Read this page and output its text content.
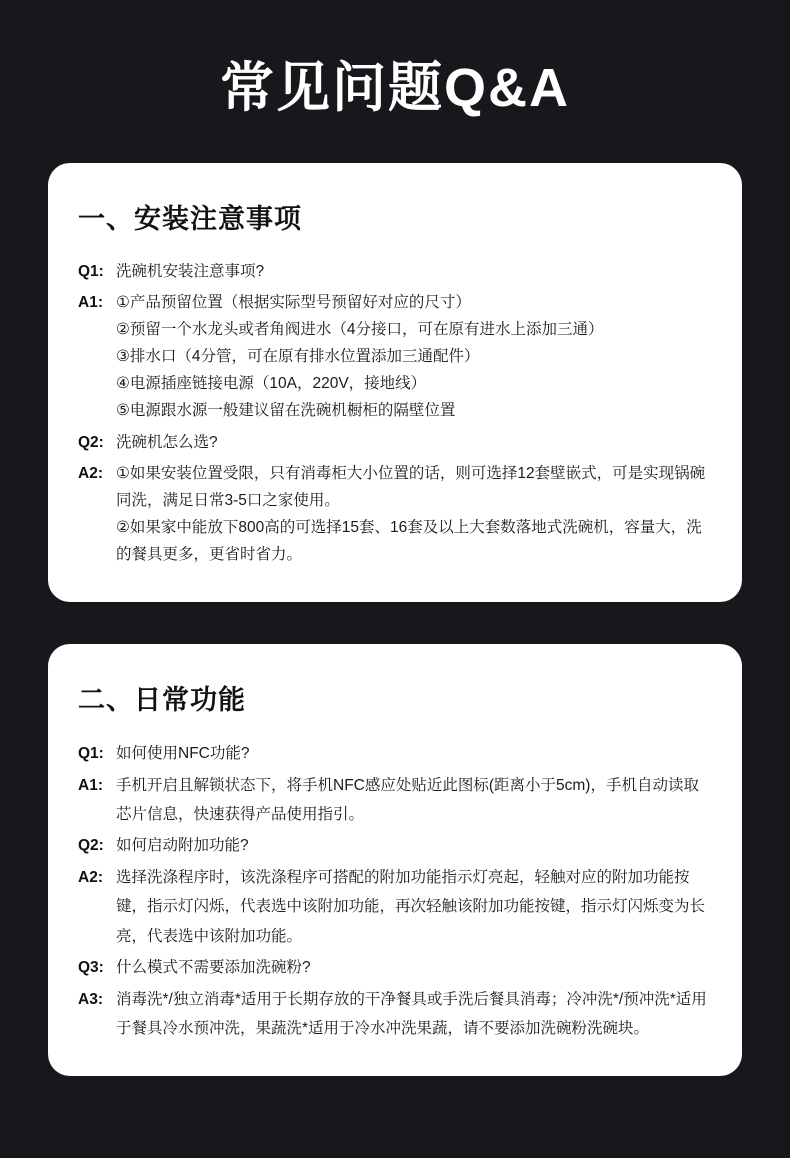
常见问题Q&A
一、安装注意事项
Q1: 洗碗机安装注意事项?
A1: ①产品预留位置（根据实际型号预留好对应的尺寸）
②预留一个水龙头或者角阀进水（4分接口，可在原有进水上添加三通）
③排水口（4分管，可在原有排水位置添加三通配件）
④电源插座链接电源（10A，220V，接地线）
⑤电源跟水源一般建议留在洗碗机橱柜的隔壁位置
Q2: 洗碗机怎么选?
A2: ①如果安装位置受限，只有消毒柜大小位置的话，则可选择12套壁嵌式，可是实现锅碗同洗，满足日常3-5口之家使用。
②如果家中能放下800高的可选择15套、16套及以上大套数落地式洗碗机，容量大，洗的餐具更多，更省时省力。
二、日常功能
Q1: 如何使用NFC功能?
A1: 手机开启且解锁状态下，将手机NFC感应处贴近此图标(距离小于5cm)，手机自动读取芯片信息，快速获得产品使用指引。
Q2: 如何启动附加功能?
A2: 选择洗涤程序时，该洗涤程序可搭配的附加功能指示灯亮起，轻触对应的附加功能按键，指示灯闪烁，代表选中该附加功能，再次轻触该附加功能按键，指示灯闪烁变为长亮，代表选中该附加功能。
Q3: 什么模式不需要添加洗碗粉?
A3: 消毒洗*/独立消毒*适用于长期存放的干净餐具或手洗后餐具消毒；冷冲洗*/预冲洗*适用于餐具冷水预冲洗，果蔬洗*适用于冷水冲洗果蔬，请不要添加洗碗粉洗碗块。
